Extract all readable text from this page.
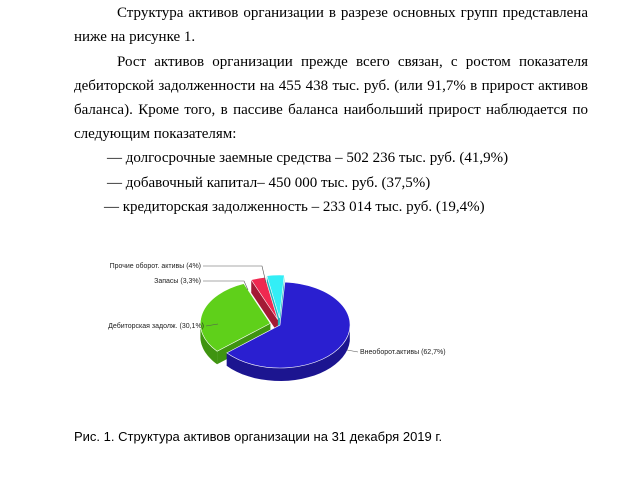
Структура активов организации в разрезе основных групп представлена ниже на рисунке 1.

Рост активов организации прежде всего связан, с ростом показателя дебиторской задолженности на 455 438 тыс. руб. (или 91,7% в прирост активов баланса). Кроме того, в пассиве баланса наибольший прирост наблюдается по следующим показателям:

— долгосрочные заемные средства – 502 236 тыс. руб. (41,9%)

— добавочный капитал– 450 000 тыс. руб. (37,5%)

— кредиторская задолженность – 233 014 тыс. руб. (19,4%)

Внеоборот.активы (62,7%)
Дебиторская задолж. (30,1%)
Запасы (3,3%)
Прочие оборот. активы (4%)

Рис. 1. Структура активов организации на 31 декабря 2019 г.
